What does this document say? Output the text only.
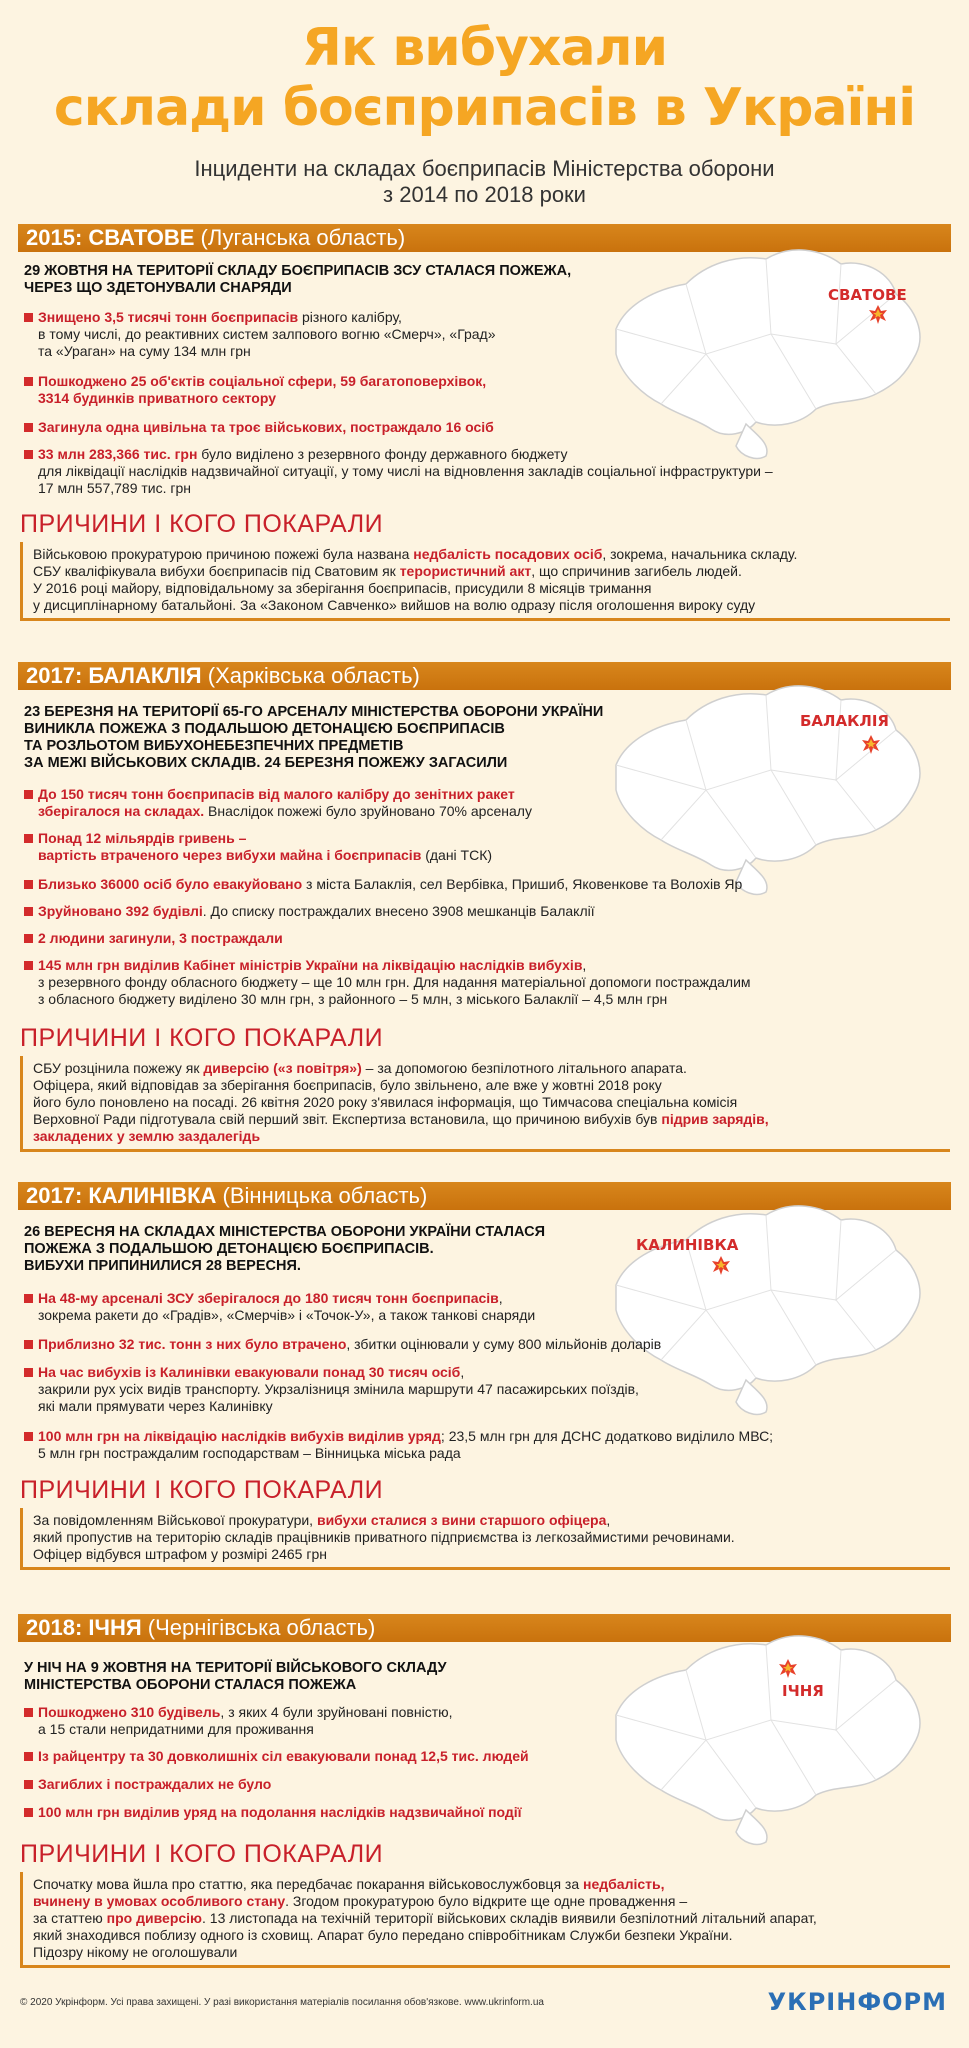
Як вибухали
склади боєприпасів в Україні
Інциденти на складах боєприпасів Міністерства оборони
з 2014 по 2018 роки
2015: СВАТОВЕ (Луганська область)
СВАТОВЕ
29 ЖОВТНЯ НА ТЕРИТОРІЇ СКЛАДУ БОЄПРИПАСІВ ЗСУ СТАЛАСЯ ПОЖЕЖА,
ЧЕРЕЗ ЩО ЗДЕТОНУВАЛИ СНАРЯДИ
Знищено 3,5 тисячі тонн боєприпасів різного калібру,
в тому числі, до реактивних систем залпового вогню «Смерч», «Град»
та «Ураган» на суму 134 млн грн
Пошкоджено 25 об'єктів соціальної сфери, 59 багатоповерхівок,
3314 будинків приватного сектору
Загинула одна цивільна та троє військових, постраждало 16 осіб
33 млн 283,366 тис. грн було виділено з резервного фонду державного бюджету
для ліквідації наслідків надзвичайної ситуації, у тому числі на відновлення закладів соціальної інфраструктури –
17 млн 557,789 тис. грн
ПРИЧИНИ І КОГО ПОКАРАЛИ
Військовою прокуратурою причиною пожежі була названа недбалість посадових осіб, зокрема, начальника складу.
СБУ кваліфікувала вибухи боєприпасів під Сватовим як терористичний акт, що спричинив загибель людей.
У 2016 році майору, відповідальному за зберігання боєприпасів, присудили 8 місяців тримання
у дисциплінарному батальйоні. За «Законом Савченко» вийшов на волю одразу після оголошення вироку суду
2017: БАЛАКЛІЯ (Харківська область)
БАЛАКЛІЯ
23 БЕРЕЗНЯ НА ТЕРИТОРІЇ 65-ГО АРСЕНАЛУ МІНІСТЕРСТВА ОБОРОНИ УКРАЇНИ
ВИНИКЛА ПОЖЕЖА З ПОДАЛЬШОЮ ДЕТОНАЦІЄЮ БОЄПРИПАСІВ
ТА РОЗЛЬОТОМ ВИБУХОНЕБЕЗПЕЧНИХ ПРЕДМЕТІВ
ЗА МЕЖІ ВІЙСЬКОВИХ СКЛАДІВ. 24 БЕРЕЗНЯ ПОЖЕЖУ ЗАГАСИЛИ
До 150 тисяч тонн боєприпасів від малого калібру до зенітних ракет
зберігалося на складах. Внаслідок пожежі було зруйновано 70% арсеналу
Понад 12 мільярдів гривень –
вартість втраченого через вибухи майна і боєприпасів (дані ТСК)
Близько 36000 осіб було евакуйовано з міста Балаклія, сел Вербівка, Пришиб, Яковенкове та Волохів Яр
Зруйновано 392 будівлі. До списку постраждалих внесено 3908 мешканців Балаклії
2 людини загинули, 3 постраждали
145 млн грн виділив Кабінет міністрів України на ліквідацію наслідків вибухів,
з резервного фонду обласного бюджету – ще 10 млн грн. Для надання матеріальної допомоги постраждалим
з обласного бюджету виділено 30 млн грн, з районного – 5 млн, з міського Балаклії – 4,5 млн грн
ПРИЧИНИ І КОГО ПОКАРАЛИ
СБУ розцінила пожежу як диверсію («з повітря») – за допомогою безпілотного літального апарата.
Офіцера, який відповідав за зберігання боєприпасів, було звільнено, але вже у жовтні 2018 року
його було поновлено на посаді. 26 квітня 2020 року з'явилася інформація, що Тимчасова спеціальна комісія
Верховної Ради підготувала свій перший звіт. Експертиза встановила, що причиною вибухів був підрив зарядів,
закладених у землю заздалегідь
2017: КАЛИНІВКА (Вінницька область)
КАЛИНІВКА
26 ВЕРЕСНЯ НА СКЛАДАХ МІНІСТЕРСТВА ОБОРОНИ УКРАЇНИ СТАЛАСЯ
ПОЖЕЖА З ПОДАЛЬШОЮ ДЕТОНАЦІЄЮ БОЄПРИПАСІВ.
ВИБУХИ ПРИПИНИЛИСЯ 28 ВЕРЕСНЯ.
На 48-му арсеналі ЗСУ зберігалося до 180 тисяч тонн боєприпасів,
зокрема ракети до «Градів», «Смерчів» і «Точок-У», а також танкові снаряди
Приблизно 32 тис. тонн з них було втрачено, збитки оцінювали у суму 800 мільйонів доларів
На час вибухів із Калинівки евакуювали понад 30 тисяч осіб,
закрили рух усіх видів транспорту. Укрзалізниця змінила маршрути 47 пасажирських поїздів,
які мали прямувати через Калинівку
100 млн грн на ліквідацію наслідків вибухів виділив уряд; 23,5 млн грн для ДСНС додатково виділило МВС;
5 млн грн постраждалим господарствам – Вінницька міська рада
ПРИЧИНИ І КОГО ПОКАРАЛИ
За повідомленням Військової прокуратури, вибухи сталися з вини старшого офіцера,
який пропустив на територію складів працівників приватного підприємства із легкозаймистими речовинами.
Офіцер відбувся штрафом у розмірі 2465 грн
2018: ІЧНЯ (Чернігівська область)
ІЧНЯ
У НІЧ НА 9 ЖОВТНЯ НА ТЕРИТОРІЇ ВІЙСЬКОВОГО СКЛАДУ
МІНІСТЕРСТВА ОБОРОНИ СТАЛАСЯ ПОЖЕЖА
Пошкоджено 310 будівель, з яких 4 були зруйновані повністю,
а 15 стали непридатними для проживання
Із райцентру та 30 довколишніх сіл евакуювали понад 12,5 тис. людей
Загиблих і постраждалих не було
100 млн грн виділив уряд на подолання наслідків надзвичайної події
ПРИЧИНИ І КОГО ПОКАРАЛИ
Спочатку мова йшла про статтю, яка передбачає покарання військовослужбовця за недбалість,
вчинену в умовах особливого стану. Згодом прокуратурою було відкрите ще одне провадження –
за статтею про диверсію. 13 листопада на техічній території військових складів виявили безпілотний літальний апарат,
який знаходився поблизу одного із сховищ. Апарат було передано співробітникам Служби безпеки України.
Підозру нікому не оголошували
© 2020 Укрінформ. Усі права захищені. У разі використання матеріалів посилання обов'язкове. www.ukrinform.ua	УКРІНФОРМ
